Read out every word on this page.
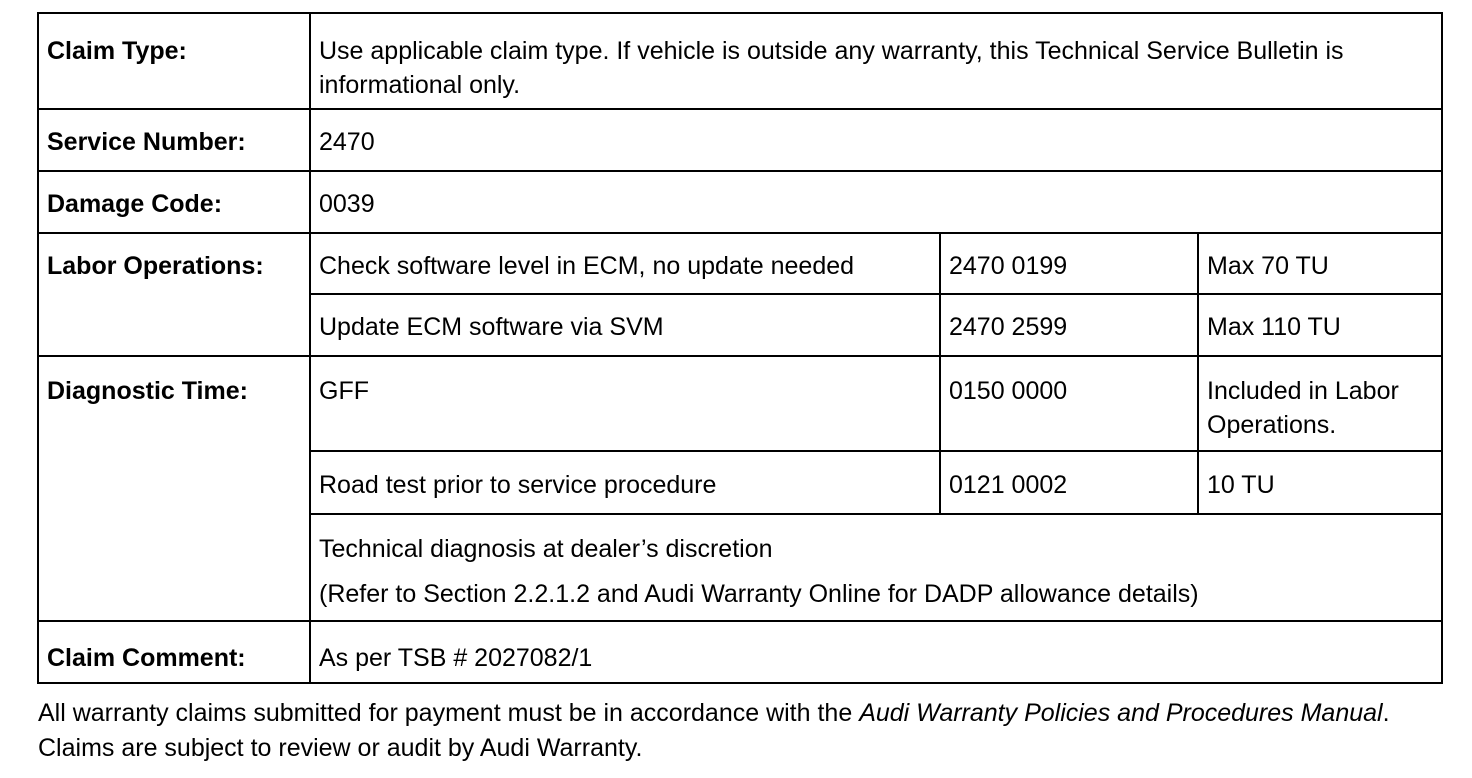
Claim Type:	Use applicable claim type. If vehicle is outside any warranty, this Technical Service Bulletin is informational only.		
Service Number:	2470		
Damage Code:	0039		
Labor Operations:	Check software level in ECM, no update needed	2470 0199	Max 70 TU
	Update ECM software via SVM	2470 2599	Max 110 TU
Diagnostic Time:	GFF	0150 0000	Included in Labor Operations.
	Road test prior to service procedure	0121 0002	10 TU
	Technical diagnosis at dealer’s discretion
(Refer to Section 2.2.1.2 and Audi Warranty Online for DADP allowance details)		

Claim Comment:	As per TSB # 2027082/1		

All warranty claims submitted for payment must be in accordance with the Audi Warranty Policies and Procedures Manual. Claims are subject to review or audit by Audi Warranty.
